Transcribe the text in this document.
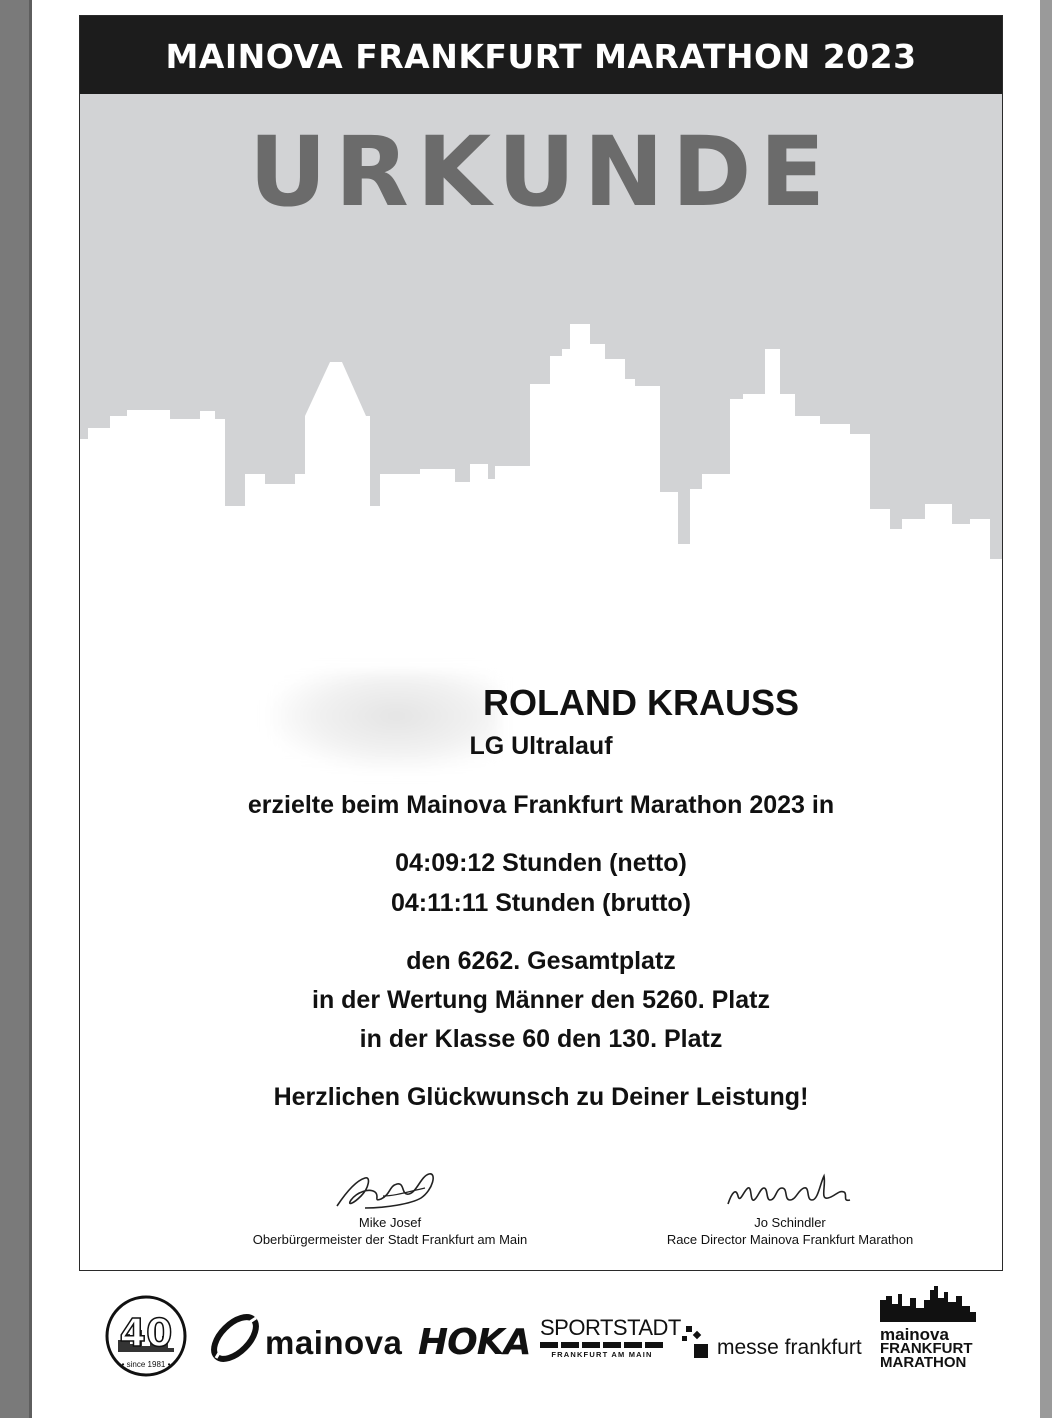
MAINOVA FRANKFURT MARATHON 2023
URKUNDE
ROLAND KRAUSS
LG Ultralauf
erzielte beim Mainova Frankfurt Marathon 2023 in
04:09:12 Stunden (netto)
04:11:11 Stunden (brutto)
den 6262. Gesamtplatz
in der Wertung Männer den 5260. Platz
in der Klasse 60 den 130. Platz
Herzlichen Glückwunsch zu Deiner Leistung!
Mike Josef
Oberbürgermeister der Stadt Frankfurt am Main
Jo Schindler
Race Director Mainova Frankfurt Marathon
40
• since 1981 •
mainova HOKA SPORTSTADT
FRANKFURT AM MAIN	messe frankfurt
mainova
FRANKFURT
MARATHON
